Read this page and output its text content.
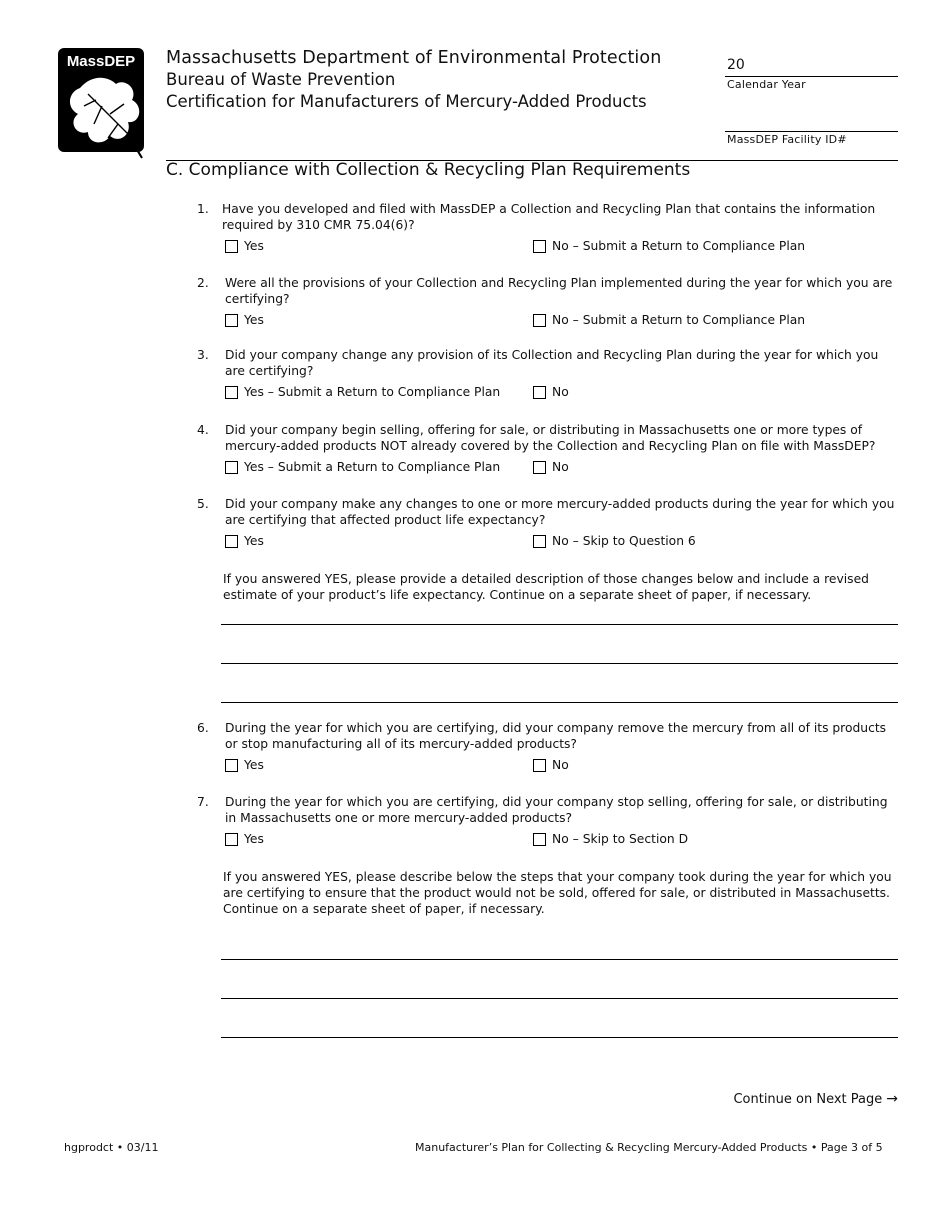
MassDEP Massachusetts Department of Environmental Protection
Bureau of Waste Prevention
Certification for Manufacturers of Mercury-Added Products
20
Calendar Year
MassDEP Facility ID#
C. Compliance with Collection & Recycling Plan Requirements
1. Have you developed and filed with MassDEP a Collection and Recycling Plan that contains the information required by 310 CMR 75.04(6)?
Yes	No – Submit a Return to Compliance Plan
2. Were all the provisions of your Collection and Recycling Plan implemented during the year for which you are certifying?
Yes	No – Submit a Return to Compliance Plan
3. Did your company change any provision of its Collection and Recycling Plan during the year for which you are certifying?
Yes – Submit a Return to Compliance Plan	No
4. Did your company begin selling, offering for sale, or distributing in Massachusetts one or more types of mercury-added products NOT already covered by the Collection and Recycling Plan on file with MassDEP?
Yes – Submit a Return to Compliance Plan	No
5. Did your company make any changes to one or more mercury-added products during the year for which you are certifying that affected product life expectancy?
Yes	No – Skip to Question 6
If you answered YES, please provide a detailed description of those changes below and include a revised estimate of your product’s life expectancy. Continue on a separate sheet of paper, if necessary.
6. During the year for which you are certifying, did your company remove the mercury from all of its products or stop manufacturing all of its mercury-added products?
Yes	No
7. During the year for which you are certifying, did your company stop selling, offering for sale, or distributing in Massachusetts one or more mercury-added products?
Yes	No – Skip to Section D
If you answered YES, please describe below the steps that your company took during the year for which you are certifying to ensure that the product would not be sold, offered for sale, or distributed in Massachusetts. Continue on a separate sheet of paper, if necessary.
Continue on Next Page →
hgprodct • 03/11	Manufacturer’s Plan for Collecting & Recycling Mercury-Added Products • Page 3 of 5
